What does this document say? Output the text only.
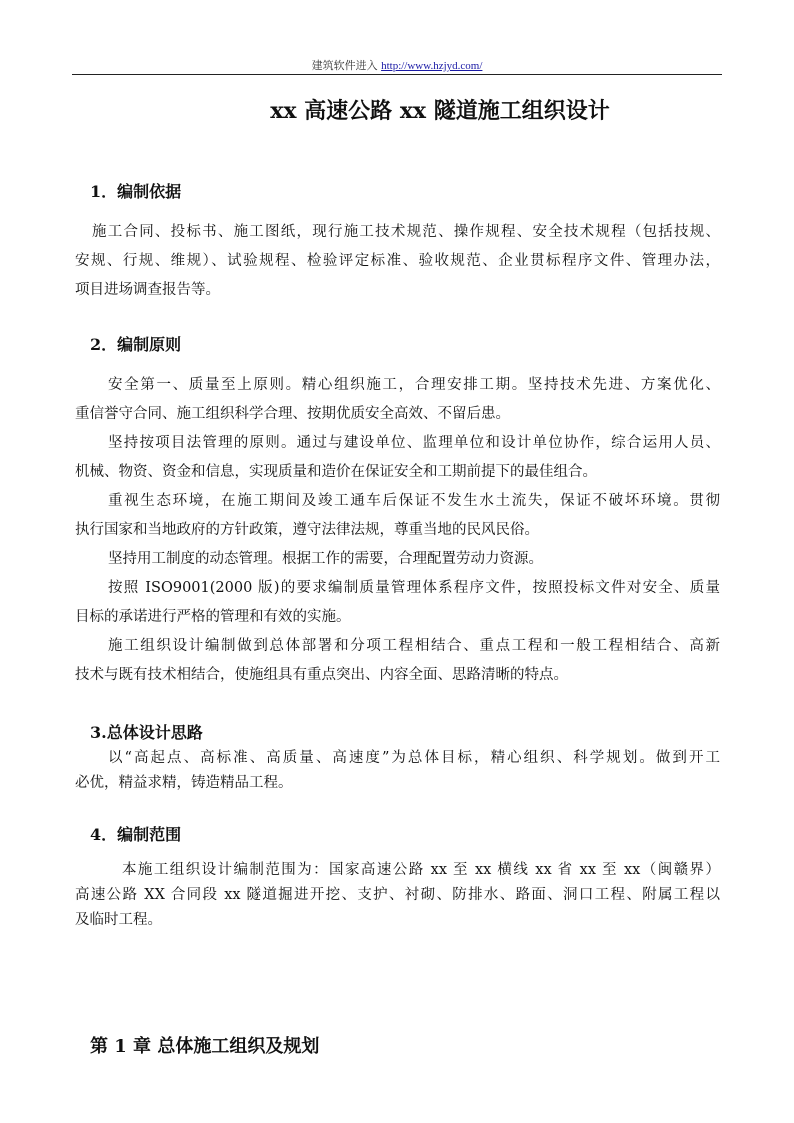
建筑软件进入 http://www.hzjyd.com/
xx 高速公路 xx 隧道施工组织设计
1．编制依据
施工合同、投标书、施工图纸，现行施工技术规范、操作规程、安全技术规程（包括技规、
安规、行规、维规）、试验规程、检验评定标准、验收规范、企业贯标程序文件、管理办法，
项目进场调查报告等。
2．编制原则
安全第一、质量至上原则。精心组织施工，合理安排工期。坚持技术先进、方案优化、
重信誉守合同、施工组织科学合理、按期优质安全高效、不留后患。
坚持按项目法管理的原则。通过与建设单位、监理单位和设计单位协作，综合运用人员、
机械、物资、资金和信息，实现质量和造价在保证安全和工期前提下的最佳组合。
重视生态环境，在施工期间及竣工通车后保证不发生水土流失，保证不破坏环境。贯彻
执行国家和当地政府的方针政策，遵守法律法规，尊重当地的民风民俗。
坚持用工制度的动态管理。根据工作的需要，合理配置劳动力资源。
按照 ISO9001(2000 版)的要求编制质量管理体系程序文件，按照投标文件对安全、质量
目标的承诺进行严格的管理和有效的实施。
施工组织设计编制做到总体部署和分项工程相结合、重点工程和一般工程相结合、高新
技术与既有技术相结合，使施组具有重点突出、内容全面、思路清晰的特点。
3.总体设计思路
以“高起点、高标准、高质量、高速度”为总体目标，精心组织、科学规划。做到开工
必优，精益求精，铸造精品工程。
4．编制范围
本施工组织设计编制范围为：国家高速公路 xx 至 xx 横线 xx 省 xx 至 xx（闽赣界）
高速公路 XX 合同段 xx 隧道掘进开挖、支护、衬砌、防排水、路面、洞口工程、附属工程以
及临时工程。
第 1 章 总体施工组织及规划
